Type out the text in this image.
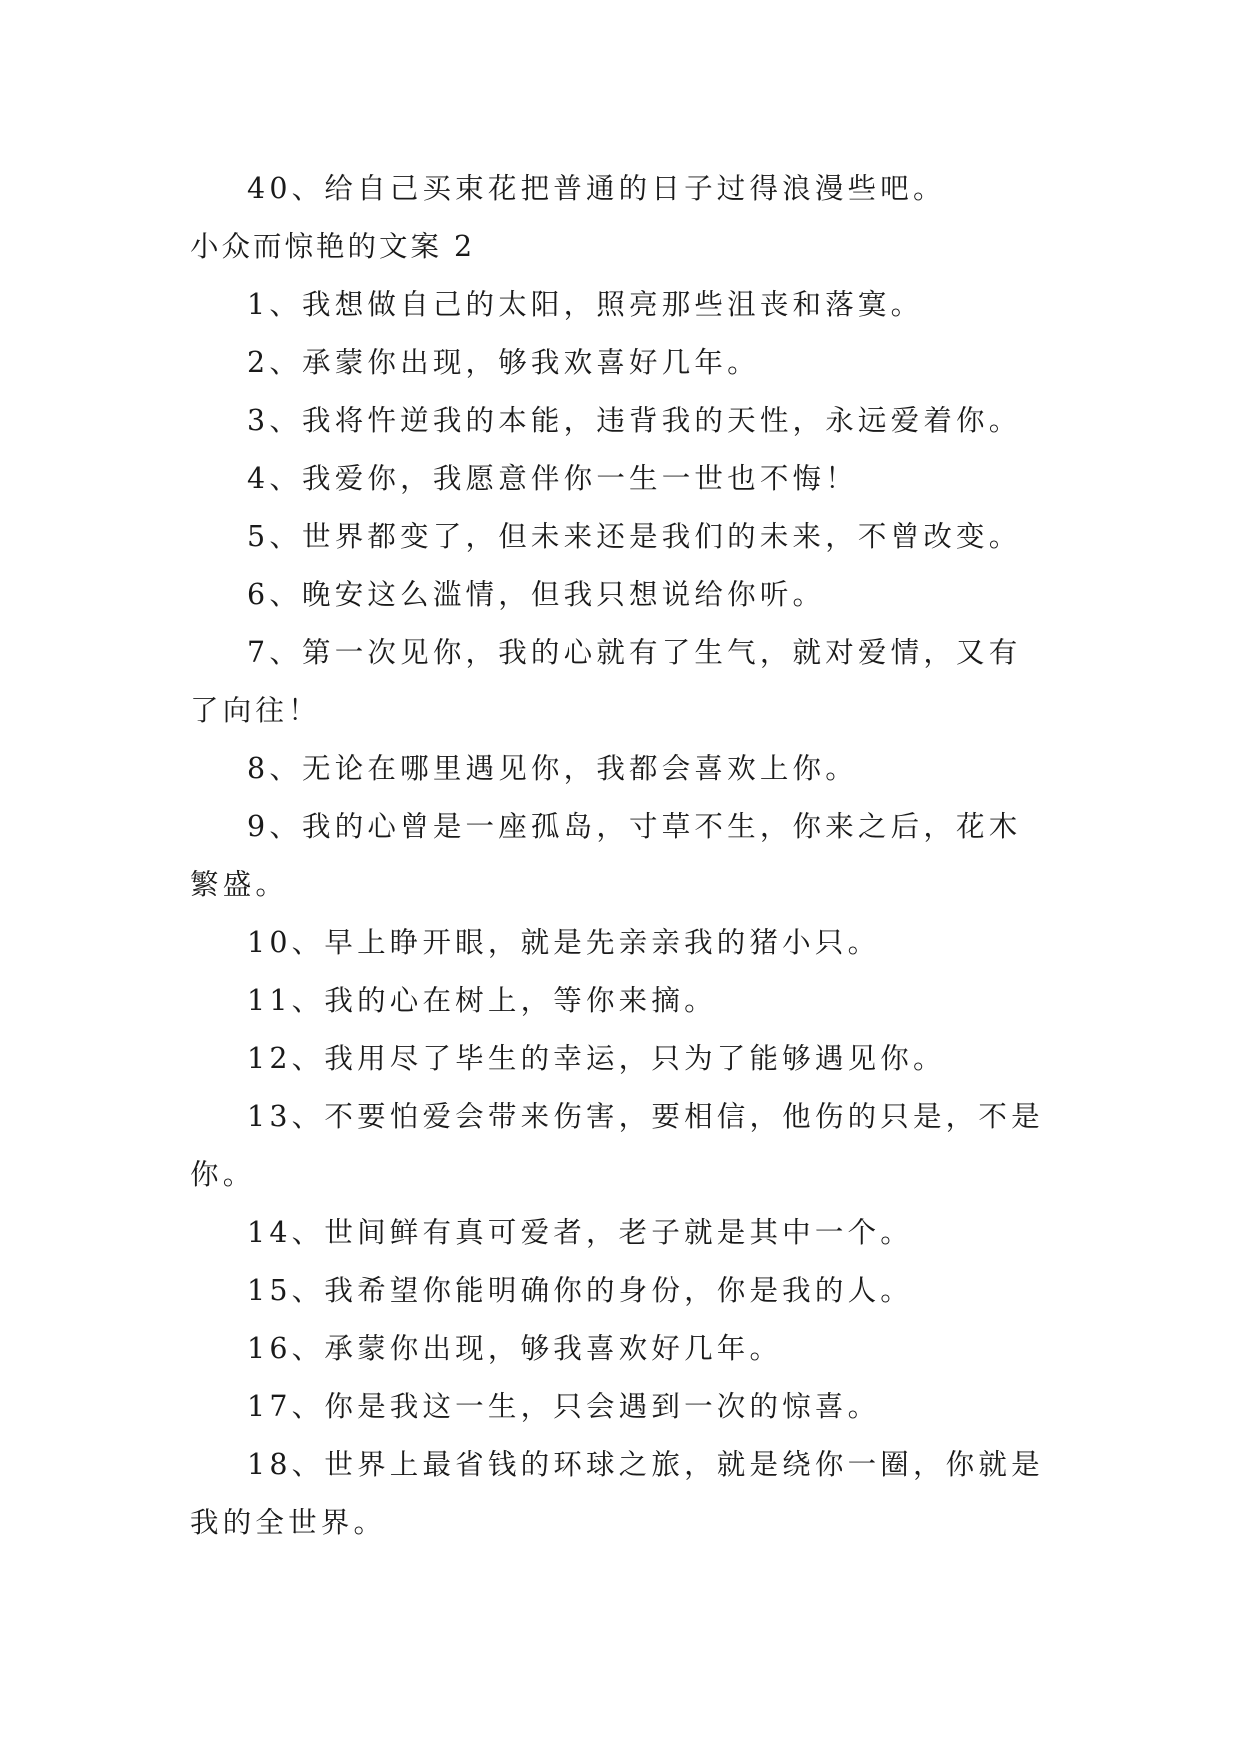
40、给自己买束花把普通的日子过得浪漫些吧。

小众而惊艳的文案 2

1、我想做自己的太阳，照亮那些沮丧和落寞。

2、承蒙你出现，够我欢喜好几年。

3、我将忤逆我的本能，违背我的天性，永远爱着你。

4、我爱你，我愿意伴你一生一世也不悔！

5、世界都变了，但未来还是我们的未来，不曾改变。

6、晚安这么滥情，但我只想说给你听。

7、第一次见你，我的心就有了生气，就对爱情，又有了向往！

8、无论在哪里遇见你，我都会喜欢上你。

9、我的心曾是一座孤岛，寸草不生，你来之后，花木繁盛。

10、早上睁开眼，就是先亲亲我的猪小只。

11、我的心在树上，等你来摘。

12、我用尽了毕生的幸运，只为了能够遇见你。

13、不要怕爱会带来伤害，要相信，他伤的只是，不是你。

14、世间鲜有真可爱者，老子就是其中一个。

15、我希望你能明确你的身份，你是我的人。

16、承蒙你出现，够我喜欢好几年。

17、你是我这一生，只会遇到一次的惊喜。

18、世界上最省钱的环球之旅，就是绕你一圈，你就是我的全世界。
